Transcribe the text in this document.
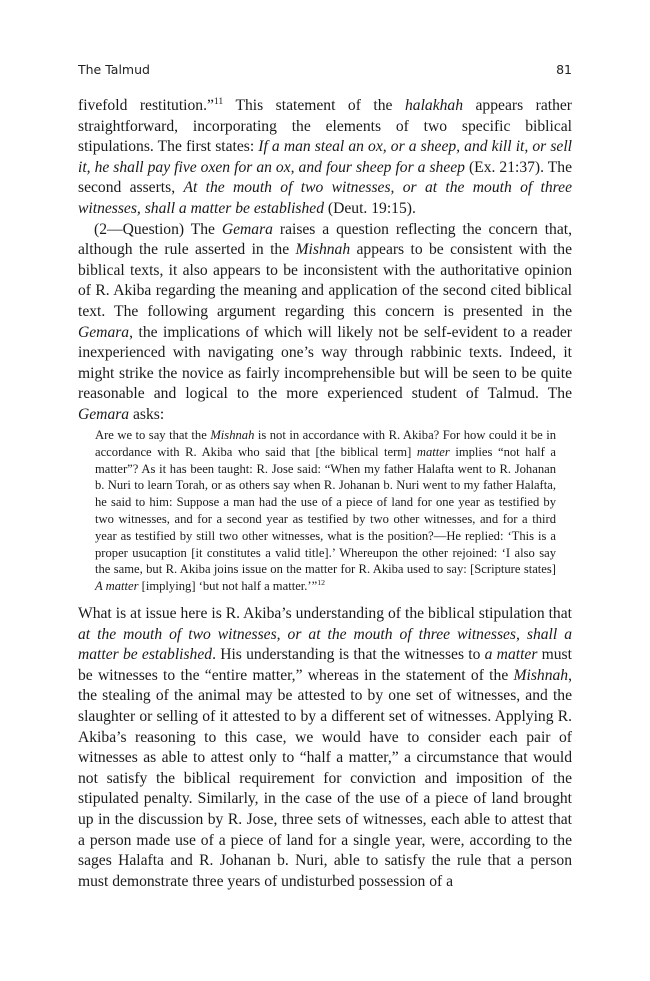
The Talmud	81

fivefold restitution.”$^{11}$ This statement of the halakhah appears rather straightforward, incorporating the elements of two specific biblical stipulations. The first states: If a man steal an ox, or a sheep, and kill it, or sell it, he shall pay five oxen for an ox, and four sheep for a sheep (Ex. 21:37). The second asserts, At the mouth of two witnesses, or at the mouth of three witnesses, shall a matter be established (Deut. 19:15).

(2—Question) The Gemara raises a question reflecting the concern that, although the rule asserted in the Mishnah appears to be consistent with the biblical texts, it also appears to be inconsistent with the authoritative opinion of R. Akiba regarding the meaning and application of the second cited biblical text. The following argument regarding this concern is presented in the Gemara, the implications of which will likely not be self-evident to a reader inexperienced with navigating one’s way through rabbinic texts. Indeed, it might strike the novice as fairly incomprehensible but will be seen to be quite reasonable and logical to the more experienced student of Talmud. The Gemara asks:

Are we to say that the Mishnah is not in accordance with R. Akiba? For how could it be in accordance with R. Akiba who said that [the biblical term] matter implies “not half a matter”? As it has been taught: R. Jose said: “When my father Halafta went to R. Johanan b. Nuri to learn Torah, or as others say when R. Johanan b. Nuri went to my father Halafta, he said to him: Suppose a man had the use of a piece of land for one year as testified by two witnesses, and for a second year as testified by two other witnesses, and for a third year as testified by still two other witnesses, what is the position?—He replied: ‘This is a proper usucaption [it constitutes a valid title].’ Whereupon the other rejoined: ‘I also say the same, but R. Akiba joins issue on the matter for R. Akiba used to say: [Scripture states] A matter [implying] ‘but not half a matter.’”$^{12}$

What is at issue here is R. Akiba’s understanding of the biblical stipulation that at the mouth of two witnesses, or at the mouth of three witnesses, shall a matter be established. His understanding is that the witnesses to a matter must be witnesses to the “entire matter,” whereas in the statement of the Mishnah, the stealing of the animal may be attested to by one set of witnesses, and the slaughter or selling of it attested to by a different set of witnesses. Applying R. Akiba’s reasoning to this case, we would have to consider each pair of witnesses as able to attest only to “half a matter,” a circumstance that would not satisfy the biblical requirement for conviction and imposition of the stipulated penalty. Similarly, in the case of the use of a piece of land brought up in the discussion by R. Jose, three sets of witnesses, each able to attest that a person made use of a piece of land for a single year, were, according to the sages Halafta and R. Johanan b. Nuri, able to satisfy the rule that a person must demonstrate three years of undisturbed possession of a
